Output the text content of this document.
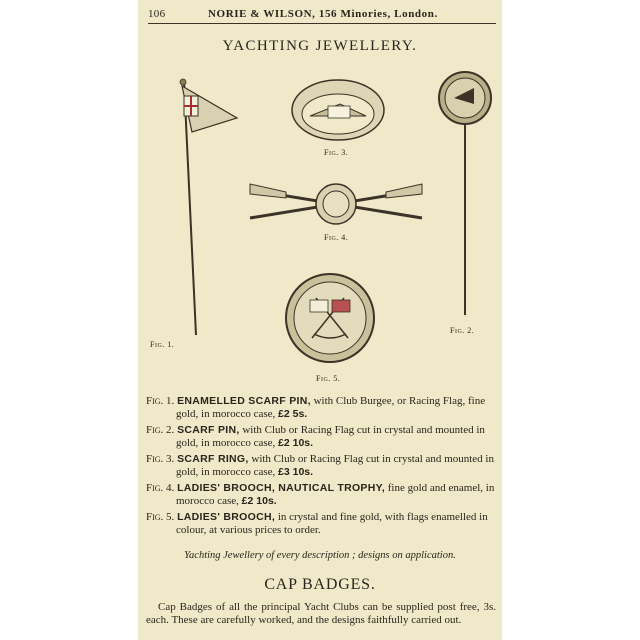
106	NORIE & WILSON, 156 Minories, London.
YACHTING JEWELLERY.
Fig. 1.
Fig. 3.
Fig. 2.
Fig. 4.
Fig. 5.

Fig. 1. ENAMELLED SCARF PIN, with Club Burgee, or Racing Flag, fine gold, in morocco case, £2 5s.

Fig. 2. SCARF PIN, with Club or Racing Flag cut in crystal and mounted in gold, in morocco case, £2 10s.

Fig. 3. SCARF RING, with Club or Racing Flag cut in crystal and mounted in gold, in morocco case, £3 10s.

Fig. 4. LADIES' BROOCH, NAUTICAL TROPHY, fine gold and enamel, in morocco case, £2 10s.

Fig. 5. LADIES' BROOCH, in crystal and fine gold, with flags enamelled in colour, at various prices to order.

Yachting Jewellery of every description ; designs on application.
CAP BADGES.
Cap Badges of all the principal Yacht Clubs can be supplied post free, 3s. each. These are carefully worked, and the designs faithfully carried out.
